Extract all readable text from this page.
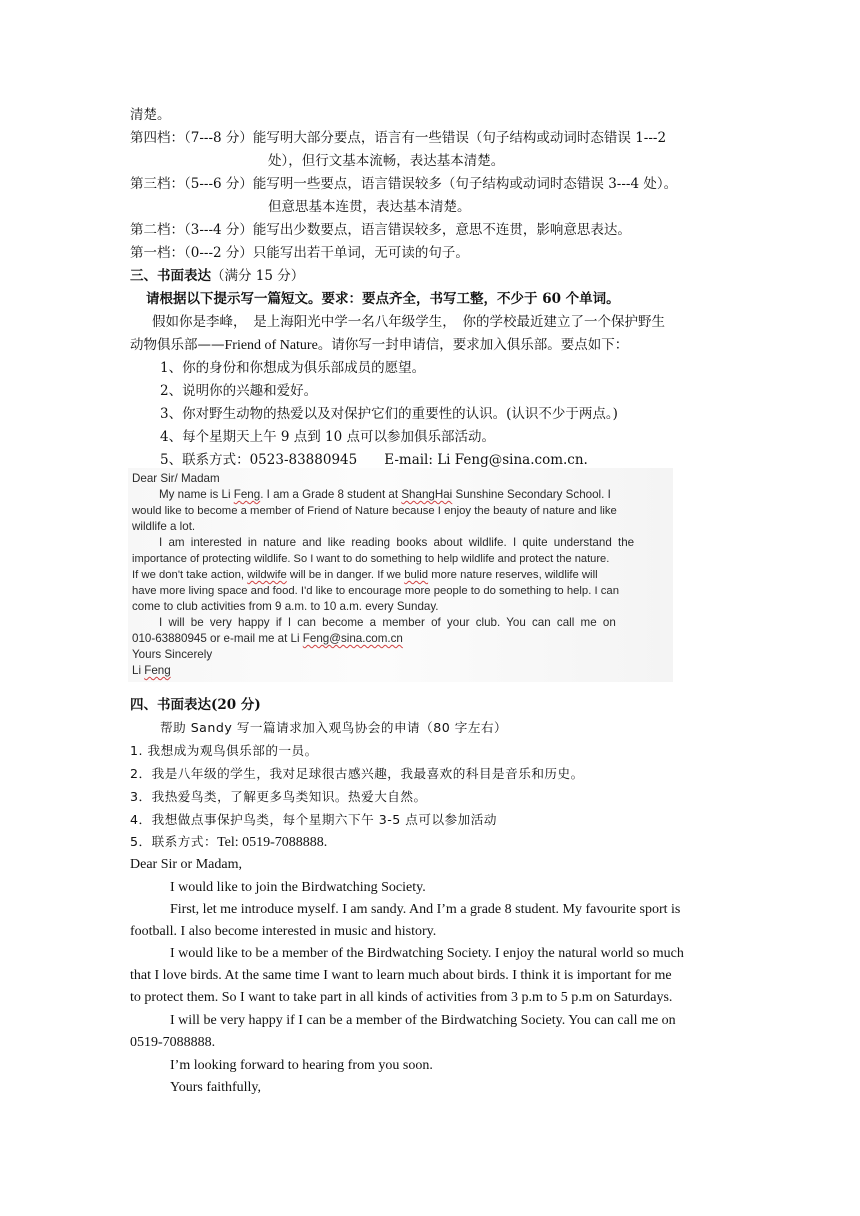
清楚。
第四档：（7---8 分）能写明大部分要点，语言有一些错误（句子结构或动词时态错误 1---2
处），但行文基本流畅，表达基本清楚。
第三档：（5---6 分）能写明一些要点，语言错误较多（句子结构或动词时态错误 3---4 处）。
但意思基本连贯，表达基本清楚。
第二档：（3---4 分）能写出少数要点，语言错误较多，意思不连贯，影响意思表达。
第一档：（0---2 分）只能写出若干单词，无可读的句子。
三、书面表达（满分 15 分）
请根据以下提示写一篇短文。要求：要点齐全，书写工整，不少于 60 个单词。
假如你是李峰，　是上海阳光中学一名八年级学生，　你的学校最近建立了一个保护野生
动物俱乐部——Friend of Nature。请你写一封申请信，要求加入俱乐部。要点如下：
1、你的身份和你想成为俱乐部成员的愿望。
2、说明你的兴趣和爱好。
3、你对野生动物的热爱以及对保护它们的重要性的认识。(认识不少于两点。)
4、每个星期天上午 9 点到 10 点可以参加俱乐部活动。
5、联系方式：0523-83880945　　E-mail: Li Feng@sina.com.cn.
Dear Sir/ Madam
My name is Li Feng. I am a Grade 8 student at ShangHai Sunshine Secondary School. I
would like to become a member of Friend of Nature because I enjoy the beauty of nature and like
wildlife a lot.
I am interested in nature and like reading books about wildlife. I quite understand the
importance of protecting wildlife. So I want to do something to help wildlife and protect the nature.
If we don't take action, wildwife will be in danger. If we bulid more nature reserves, wildlife will
have more living space and food. I'd like to encourage more people to do something to help. I can
come to club activities from 9 a.m. to 10 a.m. every Sunday.
I will be very happy if I can become a member of your club. You can call me on
010-63880945 or e-mail me at Li Feng@sina.com.cn
Yours Sincerely
Li Feng
四、书面表达(20 分)
帮助 Sandy 写一篇请求加入观鸟协会的申请（80 字左右）
1. 我想成为观鸟俱乐部的一员。
2．我是八年级的学生，我对足球很古感兴趣，我最喜欢的科目是音乐和历史。
3．我热爱鸟类，了解更多鸟类知识。热爱大自然。
4．我想做点事保护鸟类，每个星期六下午 3-5 点可以参加活动
5．联系方式：Tel: 0519-7088888.
Dear Sir or Madam,
I would like to join the Birdwatching Society.
First, let me introduce myself. I am sandy. And I’m a grade 8 student. My favourite sport is
football. I also become interested in music and history.
I would like to be a member of the Birdwatching Society. I enjoy the natural world so much
that I love birds. At the same time I want to learn much about birds. I think it is important for me
to protect them. So I want to take part in all kinds of activities from 3 p.m to 5 p.m on Saturdays.
I will be very happy if I can be a member of the Birdwatching Society. You can call me on
0519-7088888.
I’m looking forward to hearing from you soon.
Yours faithfully,
